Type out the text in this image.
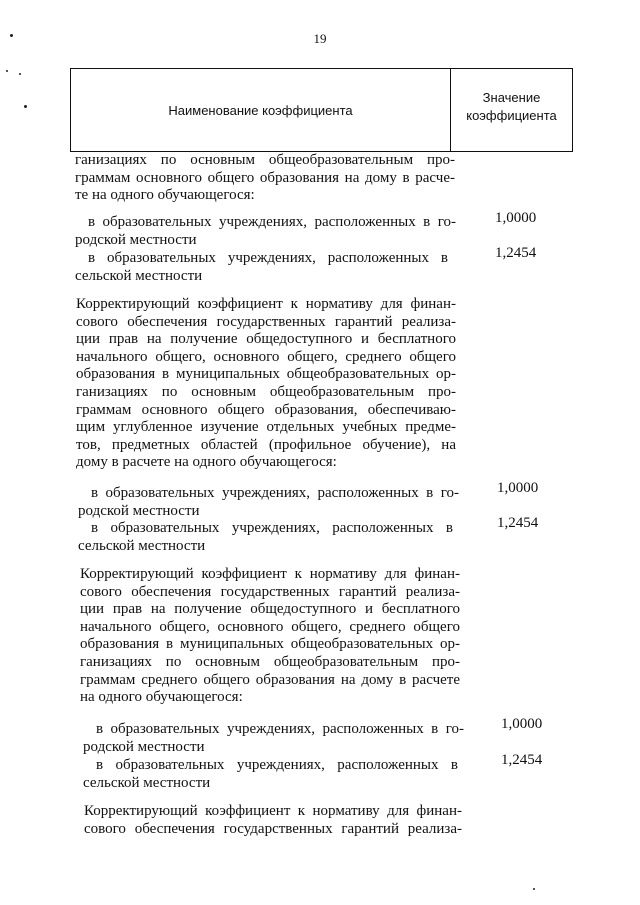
19
Наименование коэффициента
Значение
коэффициента
ганизациях по основным общеобразовательным про-
граммам основного общего образования на дому в расче-
те на одного обучающегося:
в образовательных учреждениях, расположенных в го-
родской местности
1,0000
в образовательных учреждениях, расположенных в
сельской местности
1,2454
Корректирующий коэффициент к нормативу для финан-
сового обеспечения государственных гарантий реализа-
ции прав на получение общедоступного и бесплатного
начального общего, основного общего, среднего общего
образования в муниципальных общеобразовательных ор-
ганизациях по основным общеобразовательным про-
граммам основного общего образования, обеспечиваю-
щим углубленное изучение отдельных учебных предме-
тов, предметных областей (профильное обучение), на
дому в расчете на одного обучающегося:
в образовательных учреждениях, расположенных в го-
родской местности
1,0000
в образовательных учреждениях, расположенных в
сельской местности
1,2454
Корректирующий коэффициент к нормативу для финан-
сового обеспечения государственных гарантий реализа-
ции прав на получение общедоступного и бесплатного
начального общего, основного общего, среднего общего
образования в муниципальных общеобразовательных ор-
ганизациях по основным общеобразовательным про-
граммам среднего общего образования на дому в расчете
на одного обучающегося:
в образовательных учреждениях, расположенных в го-
родской местности
1,0000
в образовательных учреждениях, расположенных в
сельской местности
1,2454
Корректирующий коэффициент к нормативу для финан-
сового обеспечения государственных гарантий реализа-
